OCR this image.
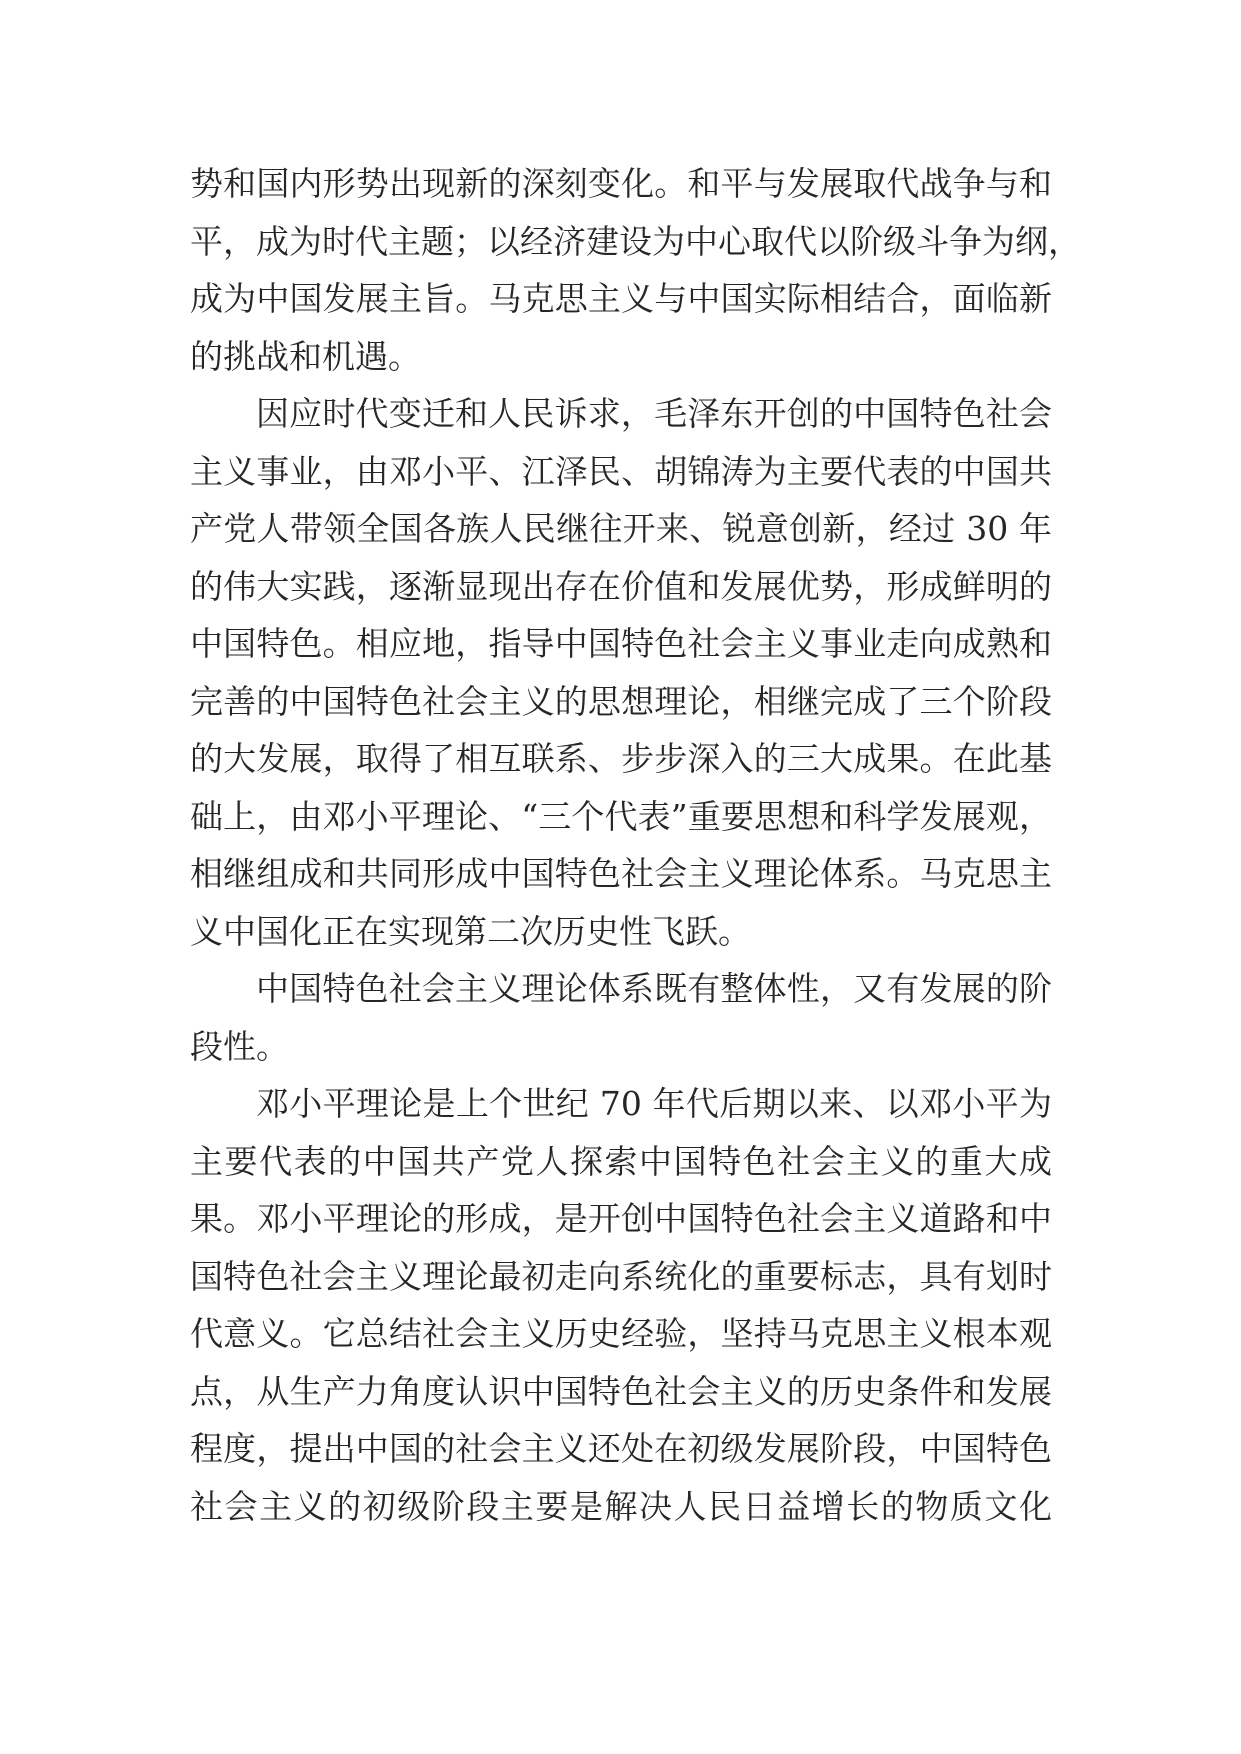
势和国内形势出现新的深刻变化。和平与发展取代战争与和
平，成为时代主题；以经济建设为中心取代以阶级斗争为纲，
成为中国发展主旨。马克思主义与中国实际相结合，面临新
的挑战和机遇。
因应时代变迁和人民诉求，毛泽东开创的中国特色社会
主义事业，由邓小平、江泽民、胡锦涛为主要代表的中国共
产党人带领全国各族人民继往开来、锐意创新，经过 30 年
的伟大实践，逐渐显现出存在价值和发展优势，形成鲜明的
中国特色。相应地，指导中国特色社会主义事业走向成熟和
完善的中国特色社会主义的思想理论，相继完成了三个阶段
的大发展，取得了相互联系、步步深入的三大成果。在此基
础上，由邓小平理论、“三个代表”重要思想和科学发展观，
相继组成和共同形成中国特色社会主义理论体系。马克思主
义中国化正在实现第二次历史性飞跃。
中国特色社会主义理论体系既有整体性，又有发展的阶
段性。
邓小平理论是上个世纪 70 年代后期以来、以邓小平为
主要代表的中国共产党人探索中国特色社会主义的重大成
果。邓小平理论的形成，是开创中国特色社会主义道路和中
国特色社会主义理论最初走向系统化的重要标志，具有划时
代意义。它总结社会主义历史经验，坚持马克思主义根本观
点，从生产力角度认识中国特色社会主义的历史条件和发展
程度，提出中国的社会主义还处在初级发展阶段，中国特色
社会主义的初级阶段主要是解决人民日益增长的物质文化
